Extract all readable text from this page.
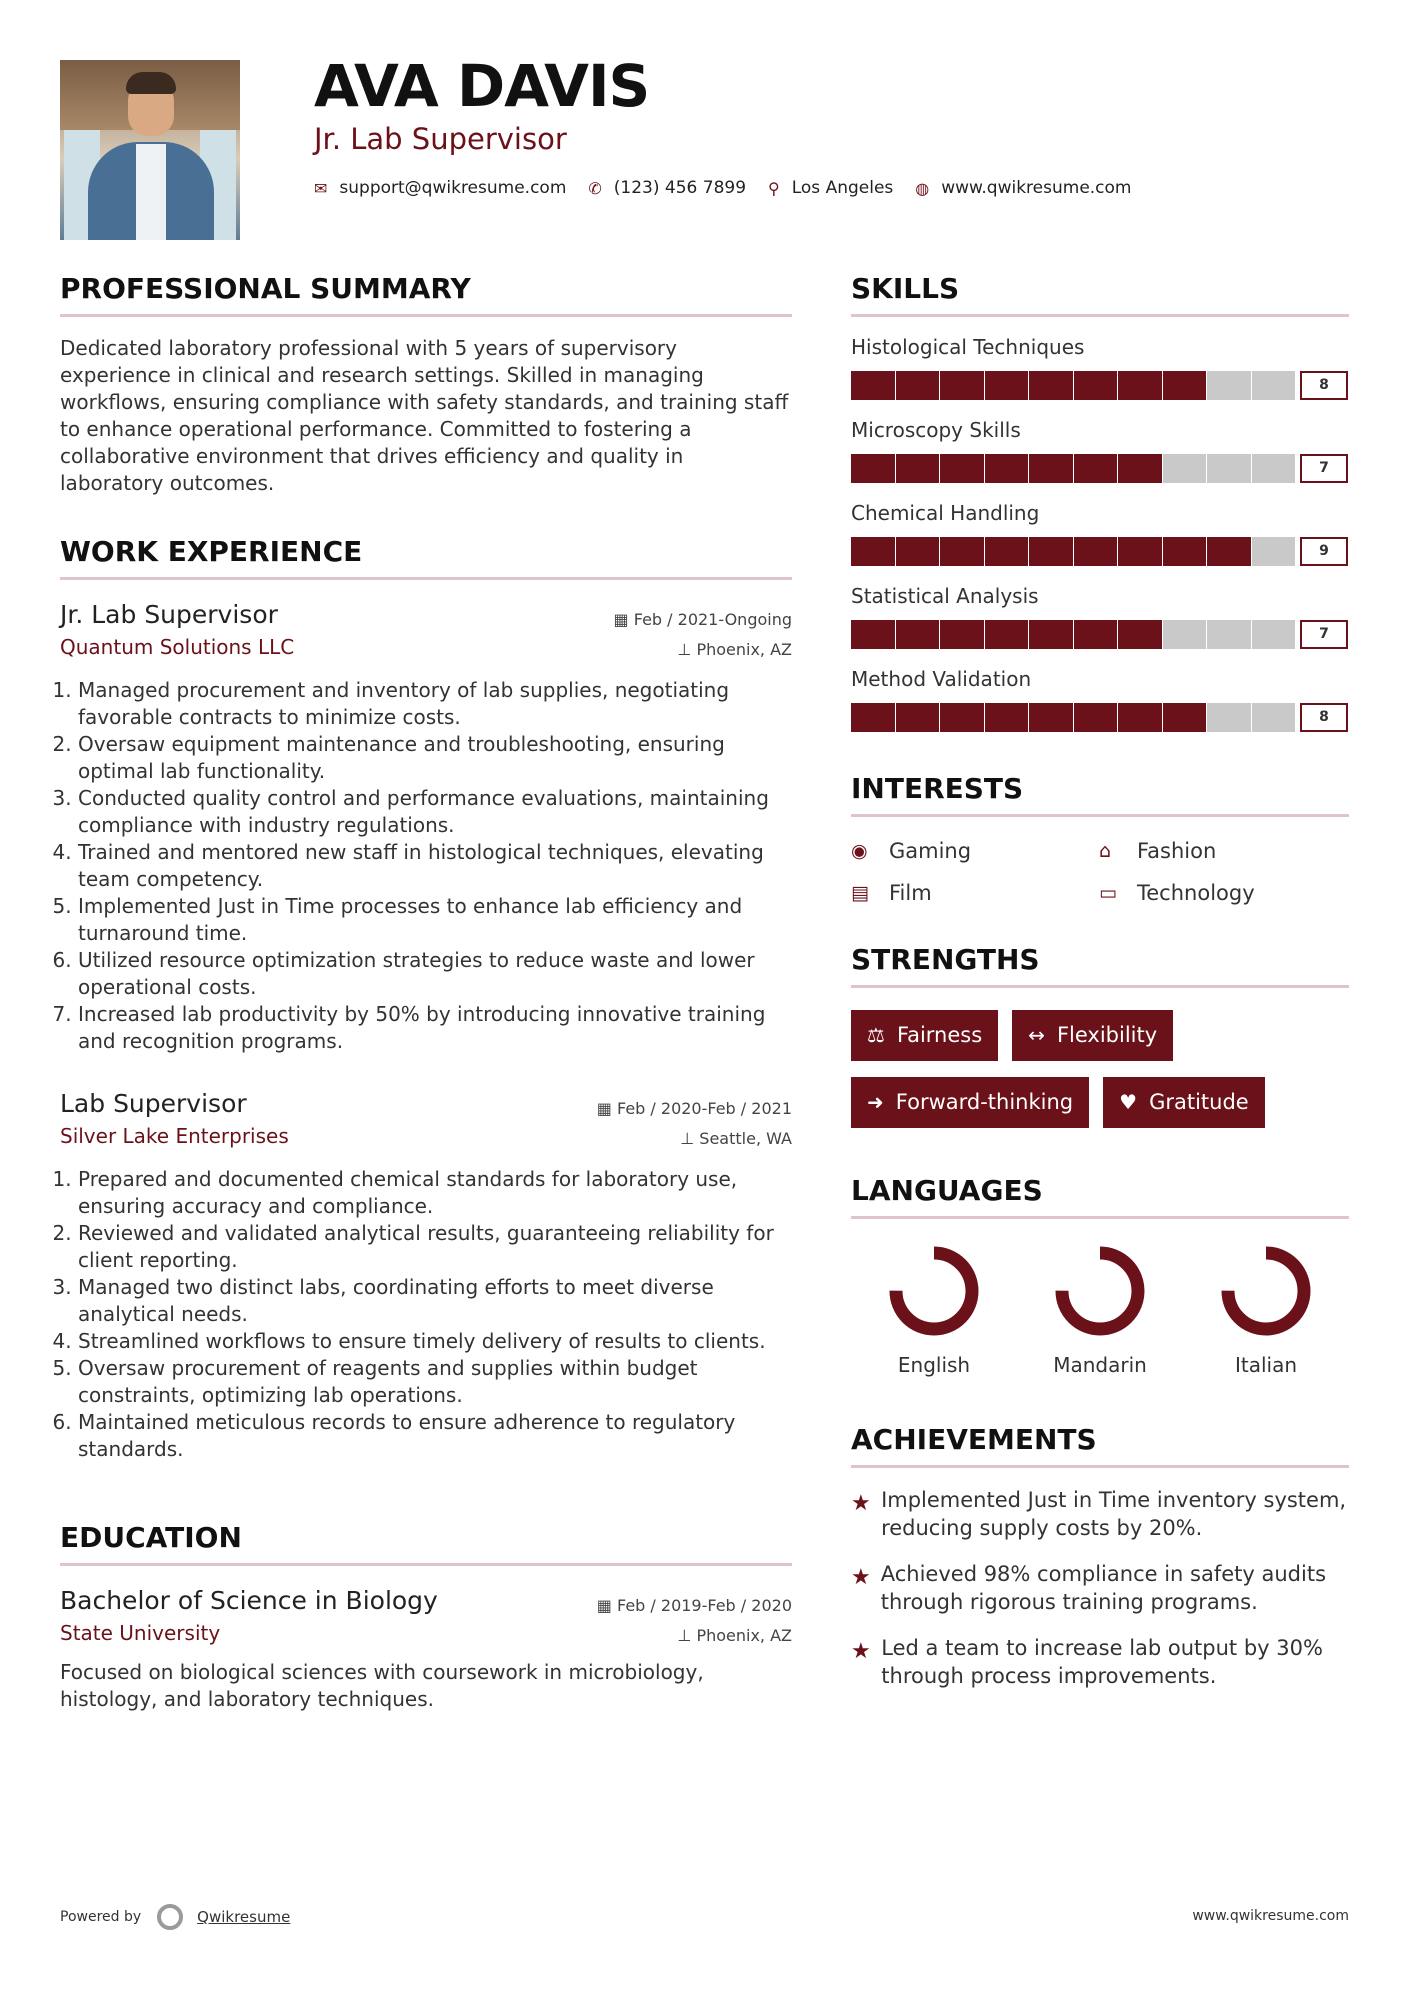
AVA DAVIS
Jr. Lab Supervisor
✉ support@qwikresume.com ✆ (123) 456 7899 ⚲ Los Angeles ◍ www.qwikresume.com
PROFESSIONAL SUMMARY
Dedicated laboratory professional with 5 years of supervisory experience in clinical and research settings. Skilled in managing workflows, ensuring compliance with safety standards, and training staff to enhance operational performance. Committed to fostering a collaborative environment that drives efficiency and quality in laboratory outcomes.
WORK EXPERIENCE
Jr. Lab Supervisor	▦ Feb / 2021-Ongoing
Quantum Solutions LLC	⊥ Phoenix, AZ
1. Managed procurement and inventory of lab supplies, negotiating favorable contracts to minimize costs.
2. Oversaw equipment maintenance and troubleshooting, ensuring optimal lab functionality.
3. Conducted quality control and performance evaluations, maintaining compliance with industry regulations.
4. Trained and mentored new staff in histological techniques, elevating team competency.
5. Implemented Just in Time processes to enhance lab efficiency and turnaround time.
6. Utilized resource optimization strategies to reduce waste and lower operational costs.
7. Increased lab productivity by 50% by introducing innovative training and recognition programs.
Lab Supervisor	▦ Feb / 2020-Feb / 2021
Silver Lake Enterprises	⊥ Seattle, WA
1. Prepared and documented chemical standards for laboratory use, ensuring accuracy and compliance.
2. Reviewed and validated analytical results, guaranteeing reliability for client reporting.
3. Managed two distinct labs, coordinating efforts to meet diverse analytical needs.
4. Streamlined workflows to ensure timely delivery of results to clients.
5. Oversaw procurement of reagents and supplies within budget constraints, optimizing lab operations.
6. Maintained meticulous records to ensure adherence to regulatory standards.
EDUCATION
Bachelor of Science in Biology	▦ Feb / 2019-Feb / 2020
State University	⊥ Phoenix, AZ
Focused on biological sciences with coursework in microbiology, histology, and laboratory techniques.
SKILLS
Histological Techniques
8
Microscopy Skills
7
Chemical Handling
9
Statistical Analysis
7
Method Validation
8
INTERESTS
◉	Gaming	⌂	Fashion
▤ Film	▭ Technology
STRENGTHS
⚖ Fairness ↔ Flexibility
➜ Forward-thinking ♥ Gratitude
LANGUAGES
English	Mandarin	Italian
ACHIEVEMENTS
★ Implemented Just in Time inventory system, reducing supply costs by 20%.
★ Achieved 98% compliance in safety audits through rigorous training programs.
★ Led a team to increase lab output by 30% through process improvements.
Powered by	Qwikresume	www.qwikresume.com
